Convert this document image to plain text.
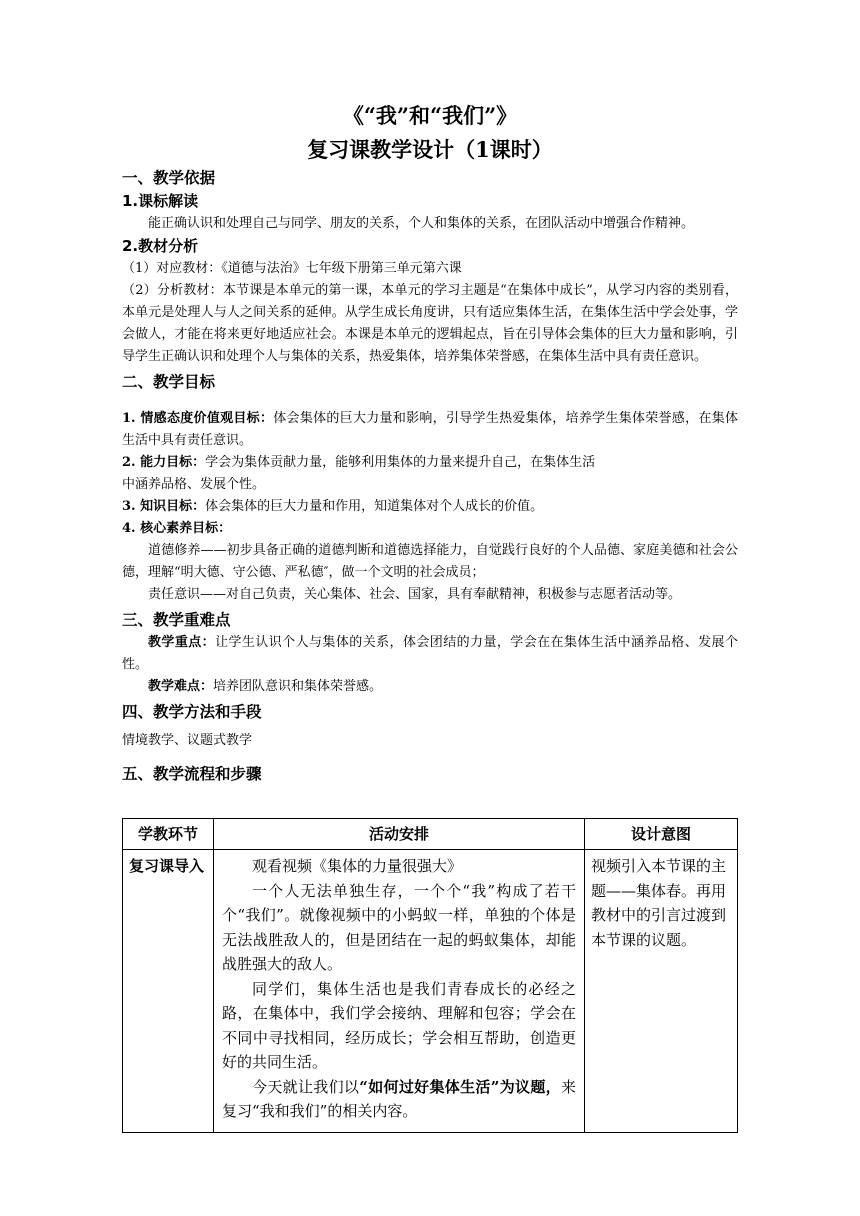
《“我”和“我们”》
复习课教学设计（1课时）
一、教学依据
1.课标解读

能正确认识和处理自己与同学、朋友的关系，个人和集体的关系，在团队活动中增强合作精神。

2.教材分析

（1）对应教材：《道德与法治》七年级下册第三单元第六课

（2）分析教材：本节课是本单元的第一课，本单元的学习主题是“在集体中成长”，从学习内容的类别看，本单元是处理人与人之间关系的延伸。从学生成长角度讲，只有适应集体生活，在集体生活中学会处事，学会做人，才能在将来更好地适应社会。本课是本单元的逻辑起点，旨在引导体会集体的巨大力量和影响，引导学生正确认识和处理个人与集体的关系，热爱集体，培养集体荣誉感，在集体生活中具有责任意识。

二、教学目标

1. 情感态度价值观目标：体会集体的巨大力量和影响，引导学生热爱集体，培养学生集体荣誉感，在集体生活中具有责任意识。

2. 能力目标：学会为集体贡献力量，能够利用集体的力量来提升自己，在集体生活

中涵养品格、发展个性。

3. 知识目标：体会集体的巨大力量和作用，知道集体对个人成长的价值。

4. 核心素养目标：

道德修养——初步具备正确的道德判断和道德选择能力，自觉践行良好的个人品德、家庭美德和社会公德，理解“明大德、守公德、严私德″，做一个文明的社会成员；

责任意识——对自己负责，关心集体、社会、国家，具有奉献精神，积极参与志愿者活动等。

三、教学重难点

教学重点：让学生认识个人与集体的关系，体会团结的力量，学会在在集体生活中涵养品格、发展个性。

教学难点：培养团队意识和集体荣誉感。

四、教学方法和手段

情境教学、议题式教学

五、教学流程和步骤
学教环节	活动安排	设计意图
复习课导入	观看视频《集体的力量很强大》

一个人无法单独生存，一个个“我”构成了若干个“我们”。就像视频中的小蚂蚁一样，单独的个体是无法战胜敌人的，但是团结在一起的蚂蚁集体，却能战胜强大的敌人。

同学们，集体生活也是我们青春成长的必经之路，在集体中，我们学会接纳、理解和包容；学会在不同中寻找相同，经历成长；学会相互帮助，创造更好的共同生活。

今天就让我们以“如何过好集体生活”为议题，来复习“我和我们”的相关内容。	视频引入本节课的主题——集体春。再用教材中的引言过渡到本节课的议题。
